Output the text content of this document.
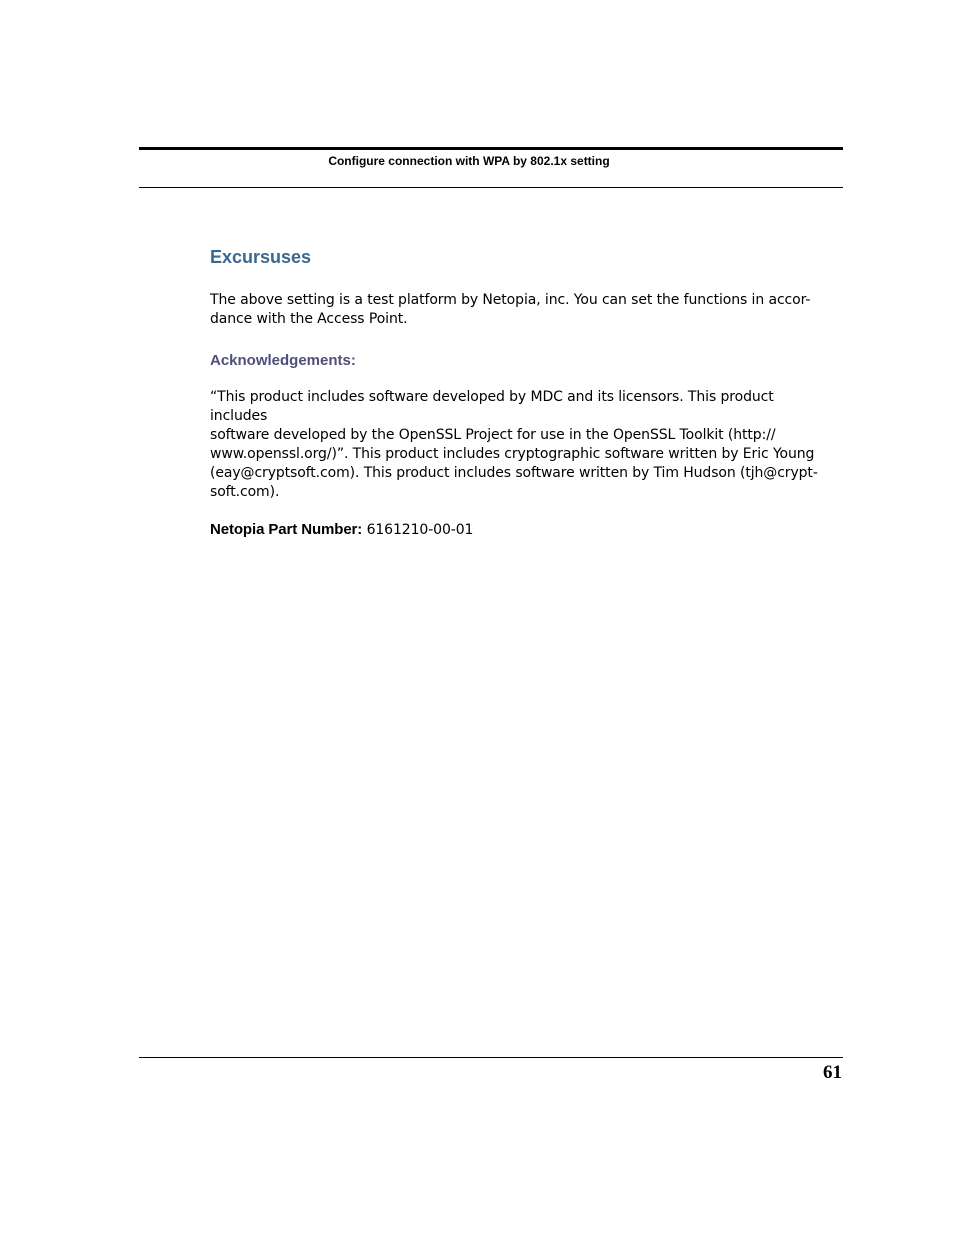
Configure connection with WPA by 802.1x setting
Excursuses

The above setting is a test platform by Netopia, inc. You can set the functions in accor-
dance with the Access Point.

Acknowledgements:

“This product includes software developed by MDC and its licensors. This product includes
software developed by the OpenSSL Project for use in the OpenSSL Toolkit (http://
www.openssl.org/)”. This product includes cryptographic software written by Eric Young
(eay@cryptsoft.com). This product includes software written by Tim Hudson (tjh@crypt-
soft.com).

Netopia Part Number: 6161210-00-01

61
